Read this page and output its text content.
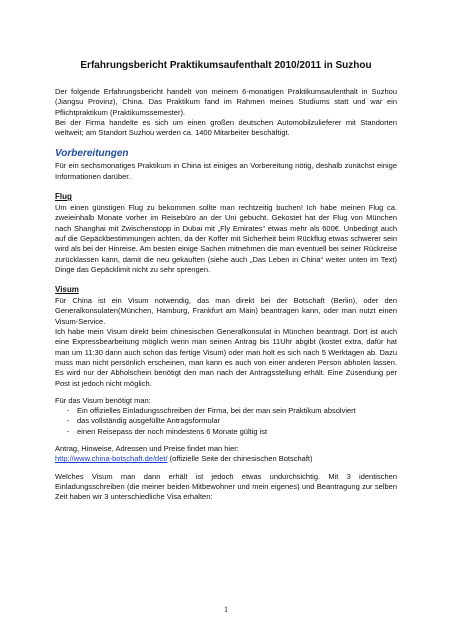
Erfahrungsbericht Praktikumsaufenthalt 2010/2011 in Suzhou

Der folgende Erfahrungsbericht handelt von meinem 6-monatigen Praktikumsaufenthalt in Suzhou (Jiangsu Provinz), China. Das Praktikum fand im Rahmen meines Studiums statt und war ein Pflichtpraktikum (Praktikumssemester).

Bei der Firma handelte es sich um einen großen deutschen Automobilzulieferer mit Standorten weltweit; am Standort Suzhou werden ca. 1400 Mitarbeiter beschäftigt.

Vorbereitungen

Für ein sechsmonatiges Praktikum in China ist einiges an Vorbereitung nötig, deshalb zunächst einige Informationen darüber.

Flug

Um einen günstigen Flug zu bekommen sollte man rechtzeitig buchen! Ich habe meinen Flug ca. zweieinhalb Monate vorher im Reisebüro an der Uni gebucht. Gekostet hat der Flug von München nach Shanghai mit Zwischenstopp in Dubai mit „Fly Emirates“ etwas mehr als 600€. Unbedingt auch auf die Gepäckbestimmungen achten, da der Koffer mit Sicherheit beim Rückflug etwas schwerer sein wird als bei der Hinreise. Am besten einige Sachen mitnehmen die man eventuell bei seiner Rückreise zurücklassen kann, damit die neu gekauften (siehe auch „Das Leben in China“ weiter unten im Text) Dinge das Gepäcklimit nicht zu sehr sprengen.

Visum

Für China ist ein Visum notwendig, das man direkt bei der Botschaft (Berlin), oder den Generalkonsulaten(München, Hamburg, Frankfurt am Main) beantragen kann, oder man nutzt einen Visum-Service.

Ich habe mein Visum direkt beim chinesischen Generalkonsulat in München beantragt. Dort ist auch eine Expressbearbeitung möglich wenn man seinen Antrag bis 11Uhr abgibt (kostet extra, dafür hat man um 11:30 dann auch schon das fertige Visum) oder man holt es sich nach 5 Werktagen ab. Dazu muss man nicht persönlich erscheinen, man kann es auch von einer anderen Person abholen lassen. Es wird nur der Abholschein benötigt den man nach der Antragsstellung erhält. Eine Zusendung per Post ist jedoch nicht möglich.

Für das Visum benötigt man:

- Ein offizielles Einladungsschreiben der Firma, bei der man sein Praktikum absolviert
- das vollständig ausgefüllte Antragsformular
- einen Reisepass der noch mindestens 6 Monate gültig ist

Antrag, Hinweise, Adressen und Preise findet man hier:

http://www.china-botschaft.de/det/ (offizielle Seite der chinesischen Botschaft)

Welches Visum man dann erhält ist jedoch etwas undurchsichtig. Mit 3 identischen Einladungsschreiben (die meiner beiden Mitbewohner und mein eigenes) und Beantragung zur selben Zeit haben wir 3 unterschiedliche Visa erhalten:

1
